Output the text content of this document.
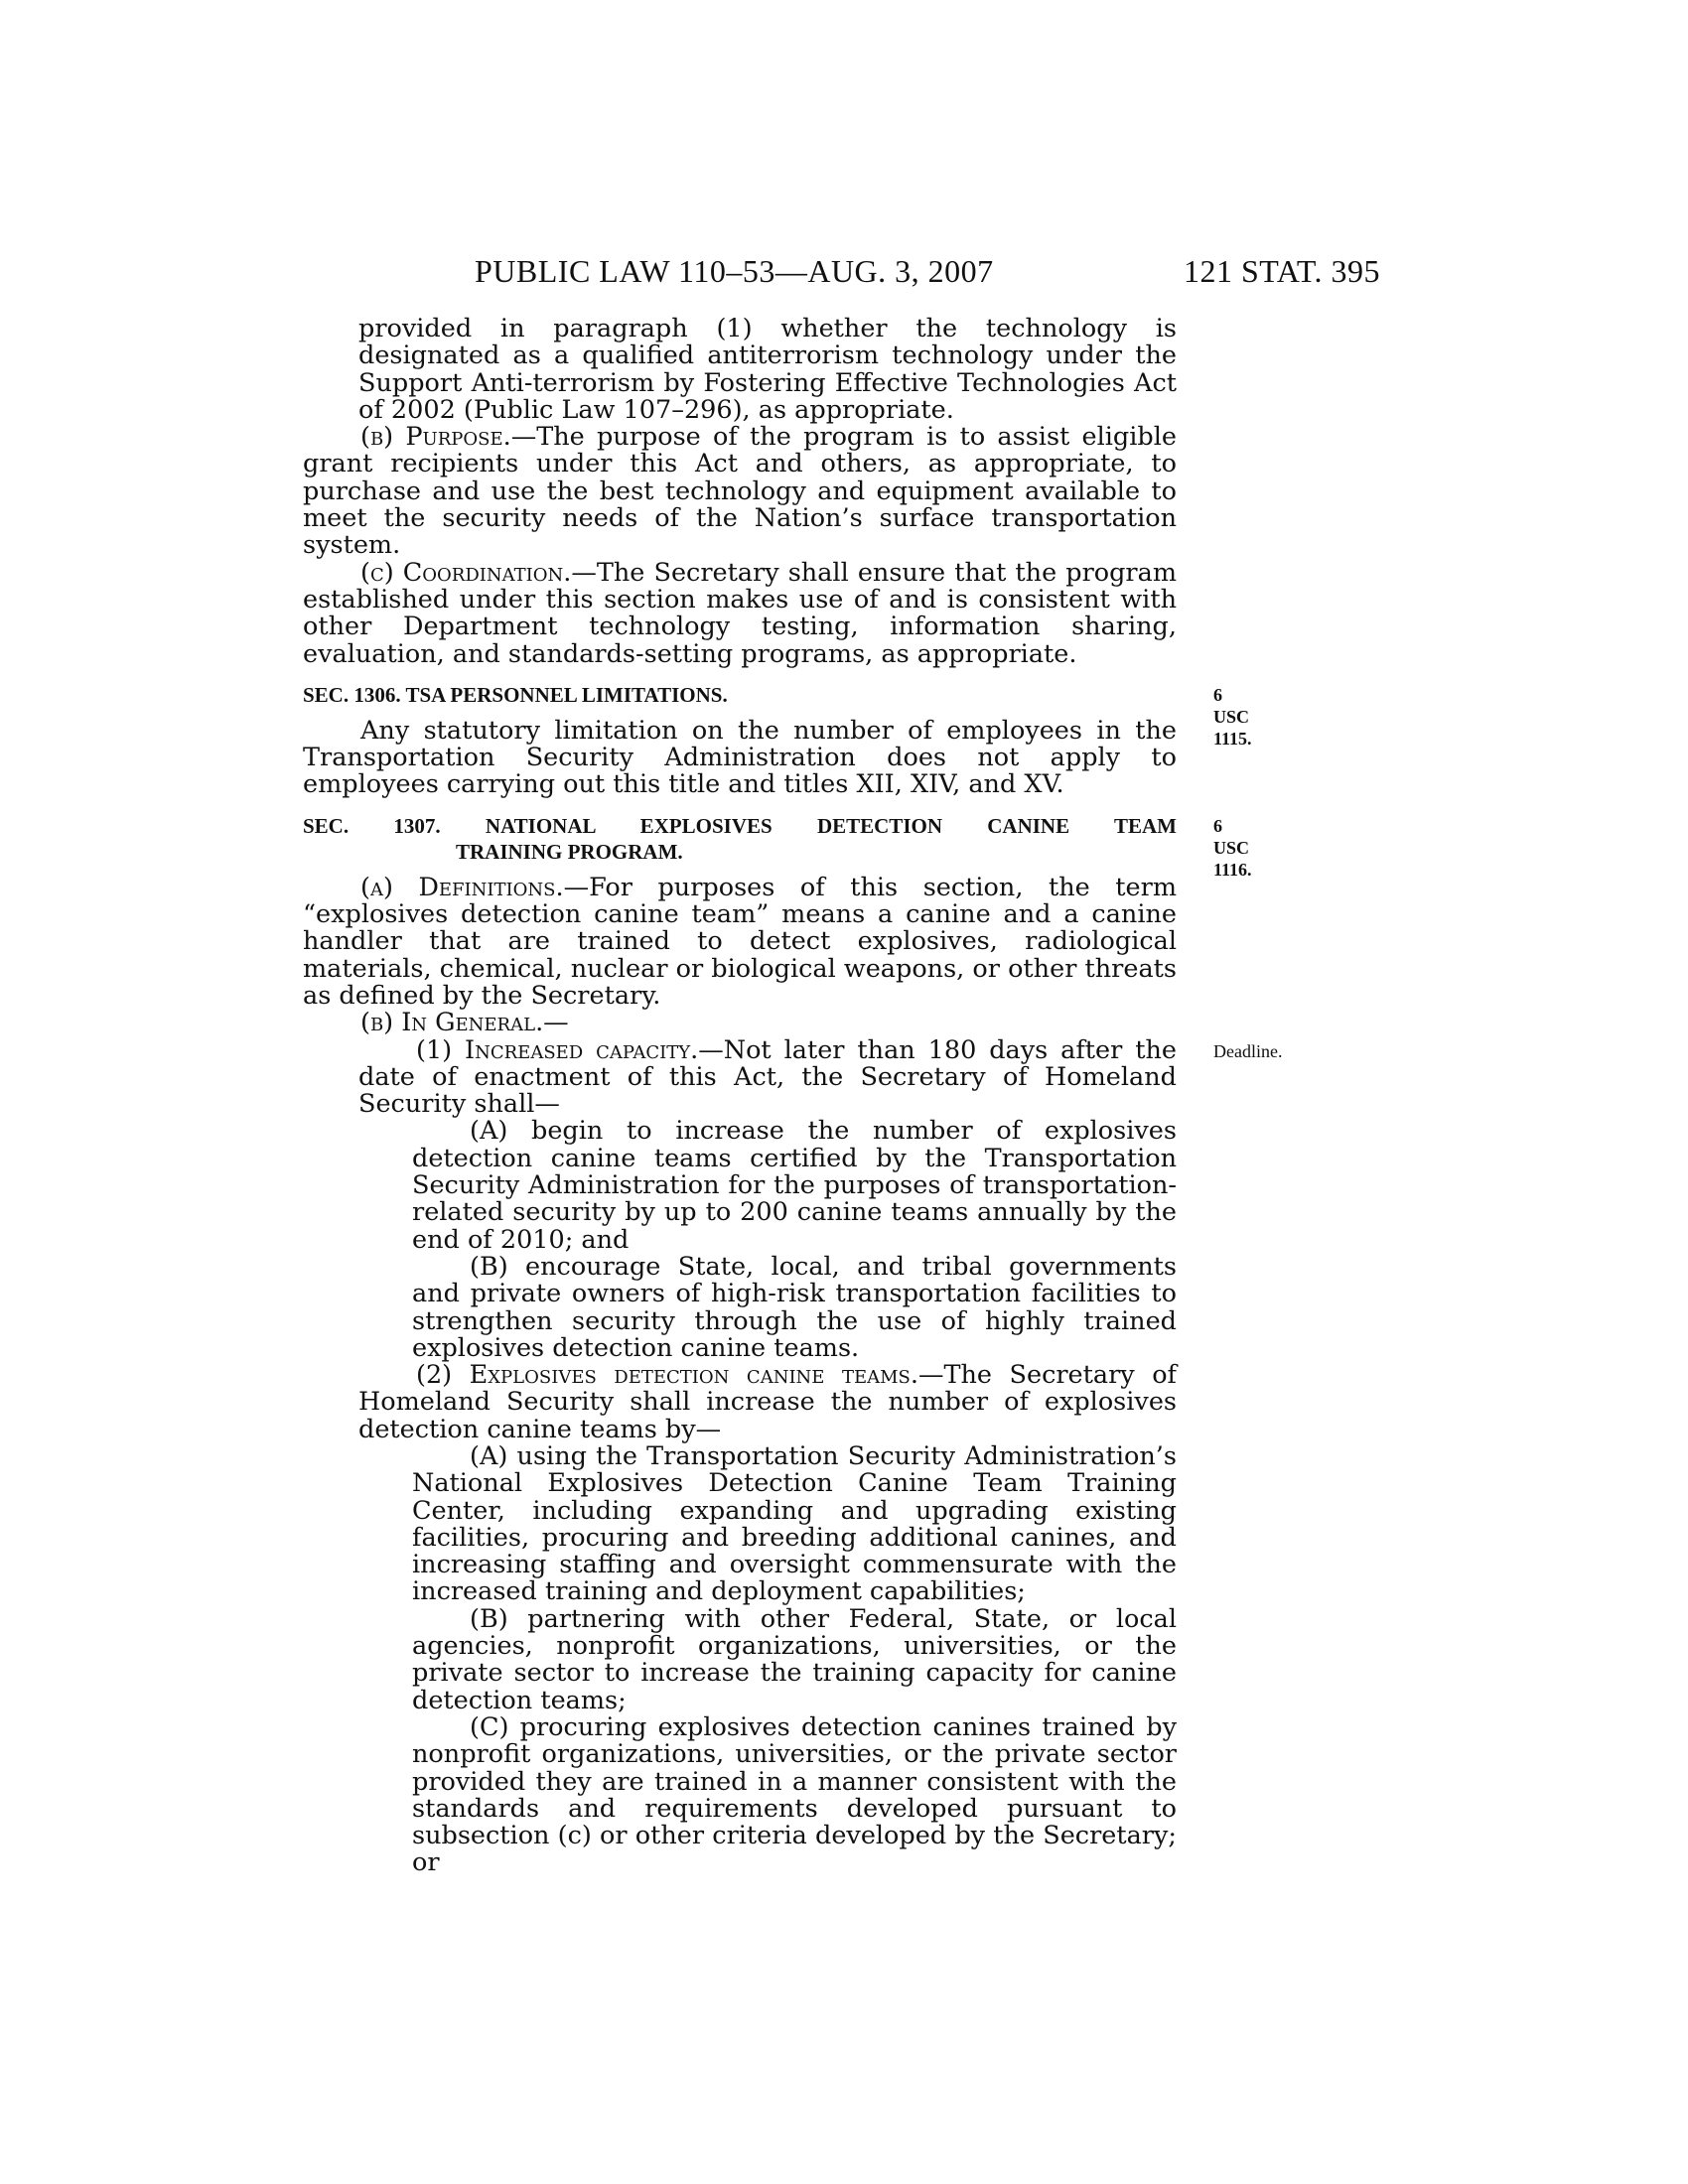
PUBLIC LAW 110–53—AUG. 3, 2007	121 STAT. 395

provided in paragraph (1) whether the technology is designated as a qualified antiterrorism technology under the Support Anti-terrorism by Fostering Effective Technologies Act of 2002 (Public Law 107–296), as appropriate.

(b) Purpose.—The purpose of the program is to assist eligible grant recipients under this Act and others, as appropriate, to purchase and use the best technology and equipment available to meet the security needs of the Nation’s surface transportation system.

(c) Coordination.—The Secretary shall ensure that the program established under this section makes use of and is consistent with other Department technology testing, information sharing, evaluation, and standards-setting programs, as appropriate.

SEC. 1306. TSA PERSONNEL LIMITATIONS.	6 USC 1115.

Any statutory limitation on the number of employees in the Transportation Security Administration does not apply to employees carrying out this title and titles XII, XIV, and XV.

SEC. 1307. NATIONAL EXPLOSIVES DETECTION CANINE TEAM
TRAINING PROGRAM.
6 USC 1116.

(a) Definitions.—For purposes of this section, the term “explosives detection canine team” means a canine and a canine handler that are trained to detect explosives, radiological materials, chemical, nuclear or biological weapons, or other threats as defined by the Secretary.

(b) In General.—

(1) Increased capacity.—Not later than 180 days after the date of enactment of this Act, the Secretary of Homeland Security shall—

Deadline.

(A) begin to increase the number of explosives detection canine teams certified by the Transportation Security Administration for the purposes of transportation-related security by up to 200 canine teams annually by the end of 2010; and

(B) encourage State, local, and tribal governments and private owners of high-risk transportation facilities to strengthen security through the use of highly trained explosives detection canine teams.

(2) Explosives detection canine teams.—The Secretary of Homeland Security shall increase the number of explosives detection canine teams by—

(A) using the Transportation Security Administration’s National Explosives Detection Canine Team Training Center, including expanding and upgrading existing facilities, procuring and breeding additional canines, and increasing staffing and oversight commensurate with the increased training and deployment capabilities;

(B) partnering with other Federal, State, or local agencies, nonprofit organizations, universities, or the private sector to increase the training capacity for canine detection teams;

(C) procuring explosives detection canines trained by nonprofit organizations, universities, or the private sector provided they are trained in a manner consistent with the standards and requirements developed pursuant to subsection (c) or other criteria developed by the Secretary; or
